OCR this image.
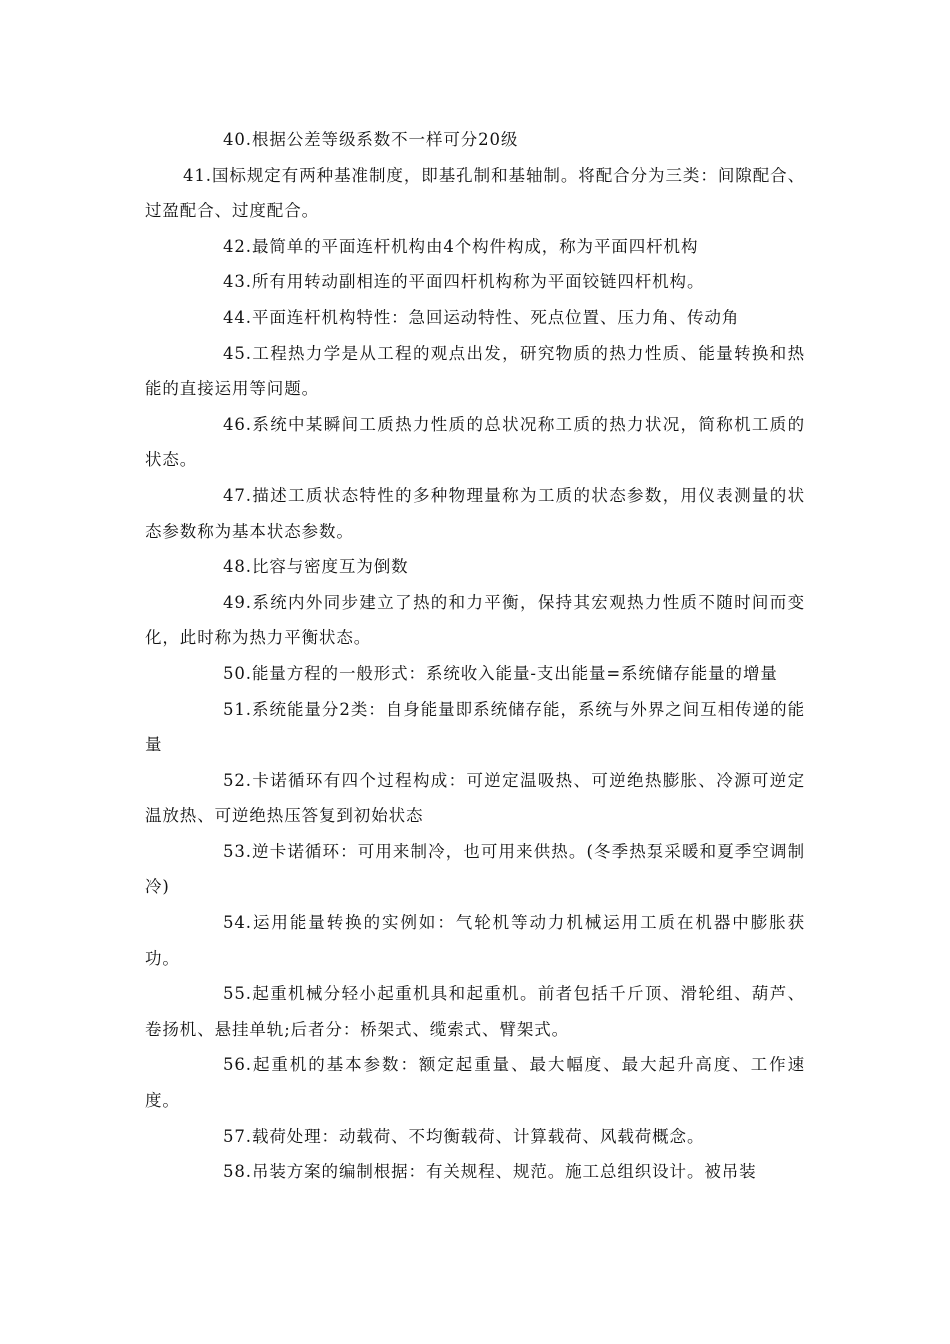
40.根据公差等级系数不一样可分20级

41.国标规定有两种基准制度，即基孔制和基轴制。将配合分为三类：间隙配合、过盈配合、过度配合。

42.最简单的平面连杆机构由4个构件构成，称为平面四杆机构

43.所有用转动副相连的平面四杆机构称为平面铰链四杆机构。

44.平面连杆机构特性：急回运动特性、死点位置、压力角、传动角

45.工程热力学是从工程的观点出发，研究物质的热力性质、能量转换和热能的直接运用等问题。

46.系统中某瞬间工质热力性质的总状况称工质的热力状况，简称机工质的状态。

47.描述工质状态特性的多种物理量称为工质的状态参数，用仪表测量的状态参数称为基本状态参数。

48.比容与密度互为倒数

49.系统内外同步建立了热的和力平衡，保持其宏观热力性质不随时间而变化，此时称为热力平衡状态。

50.能量方程的一般形式：系统收入能量-支出能量=系统储存能量的增量

51.系统能量分2类：自身能量即系统储存能，系统与外界之间互相传递的能量

52.卡诺循环有四个过程构成：可逆定温吸热、可逆绝热膨胀、冷源可逆定温放热、可逆绝热压答复到初始状态

53.逆卡诺循环：可用来制冷，也可用来供热。(冬季热泵采暖和夏季空调制冷)

54.运用能量转换的实例如：气轮机等动力机械运用工质在机器中膨胀获功。

55.起重机械分轻小起重机具和起重机。前者包括千斤顶、滑轮组、葫芦、卷扬机、悬挂单轨;后者分：桥架式、缆索式、臂架式。

56.起重机的基本参数：额定起重量、最大幅度、最大起升高度、工作速度。

57.载荷处理：动载荷、不均衡载荷、计算载荷、风载荷概念。

58.吊装方案的编制根据：有关规程、规范。施工总组织设计。被吊装
